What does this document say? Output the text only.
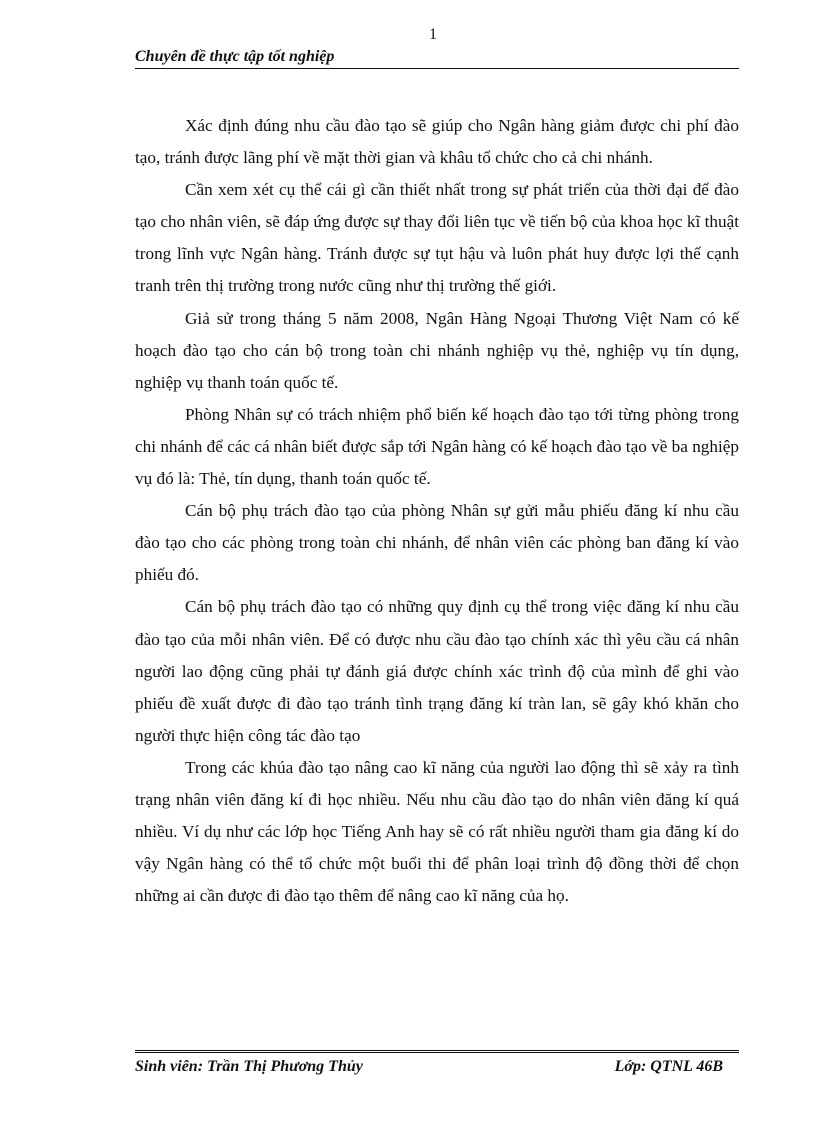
1
Chuyên đề thực tập tốt nghiệp

Xác định đúng nhu cầu đào tạo sẽ giúp cho Ngân hàng giảm được chi phí đào tạo, tránh được lãng phí về mặt thời gian và khâu tổ chức cho cả chi nhánh.

Cần xem xét cụ thể cái gì cần thiết nhất trong sự phát triển của thời đại để đào tạo cho nhân viên, sẽ đáp ứng được sự thay đổi liên tục về tiến bộ của khoa học kĩ thuật trong lĩnh vực Ngân hàng. Tránh được sự tụt hậu và luôn phát huy được lợi thế cạnh tranh trên thị trường trong nước cũng như thị trường thế giới.

Giả sử trong tháng 5 năm 2008, Ngân Hàng Ngoại Thương Việt Nam có kế hoạch đào tạo cho cán bộ trong toàn chi nhánh nghiệp vụ thẻ, nghiệp vụ tín dụng, nghiệp vụ thanh toán quốc tế.

Phòng Nhân sự có trách nhiệm phổ biến kế hoạch đào tạo tới từng phòng trong chi nhánh để các cá nhân biết được sắp tới Ngân hàng có kế hoạch đào tạo về ba nghiệp vụ đó là: Thẻ, tín dụng, thanh toán quốc tế.

Cán bộ phụ trách đào tạo của phòng Nhân sự gửi mẫu phiếu đăng kí nhu cầu đào tạo cho các phòng trong toàn chi nhánh, để nhân viên các phòng ban đăng kí vào phiếu đó.

Cán bộ phụ trách đào tạo có những quy định cụ thể trong việc đăng kí nhu cầu đào tạo của mỗi nhân viên. Để có được nhu cầu đào tạo chính xác thì yêu cầu cá nhân người lao động cũng phải tự đánh giá được chính xác trình độ của mình để ghi vào phiếu đề xuất được đi đào tạo tránh tình trạng đăng kí tràn lan, sẽ gây khó khăn cho người thực hiện công tác đào tạo

Trong các khúa đào tạo nâng cao kĩ năng của người lao động thì sẽ xảy ra tình trạng nhân viên đăng kí đi học nhiều. Nếu nhu cầu đào tạo do nhân viên đăng kí quá nhiều. Ví dụ như các lớp học Tiếng Anh hay sẽ có rất nhiều người tham gia đăng kí do vậy Ngân hàng có thể tổ chức một buổi thi để phân loại trình độ đồng thời để chọn những ai cần được đi đào tạo thêm để nâng cao kĩ năng của họ.

Sinh viên: Trần Thị Phương Thủy	Lớp: QTNL 46B
